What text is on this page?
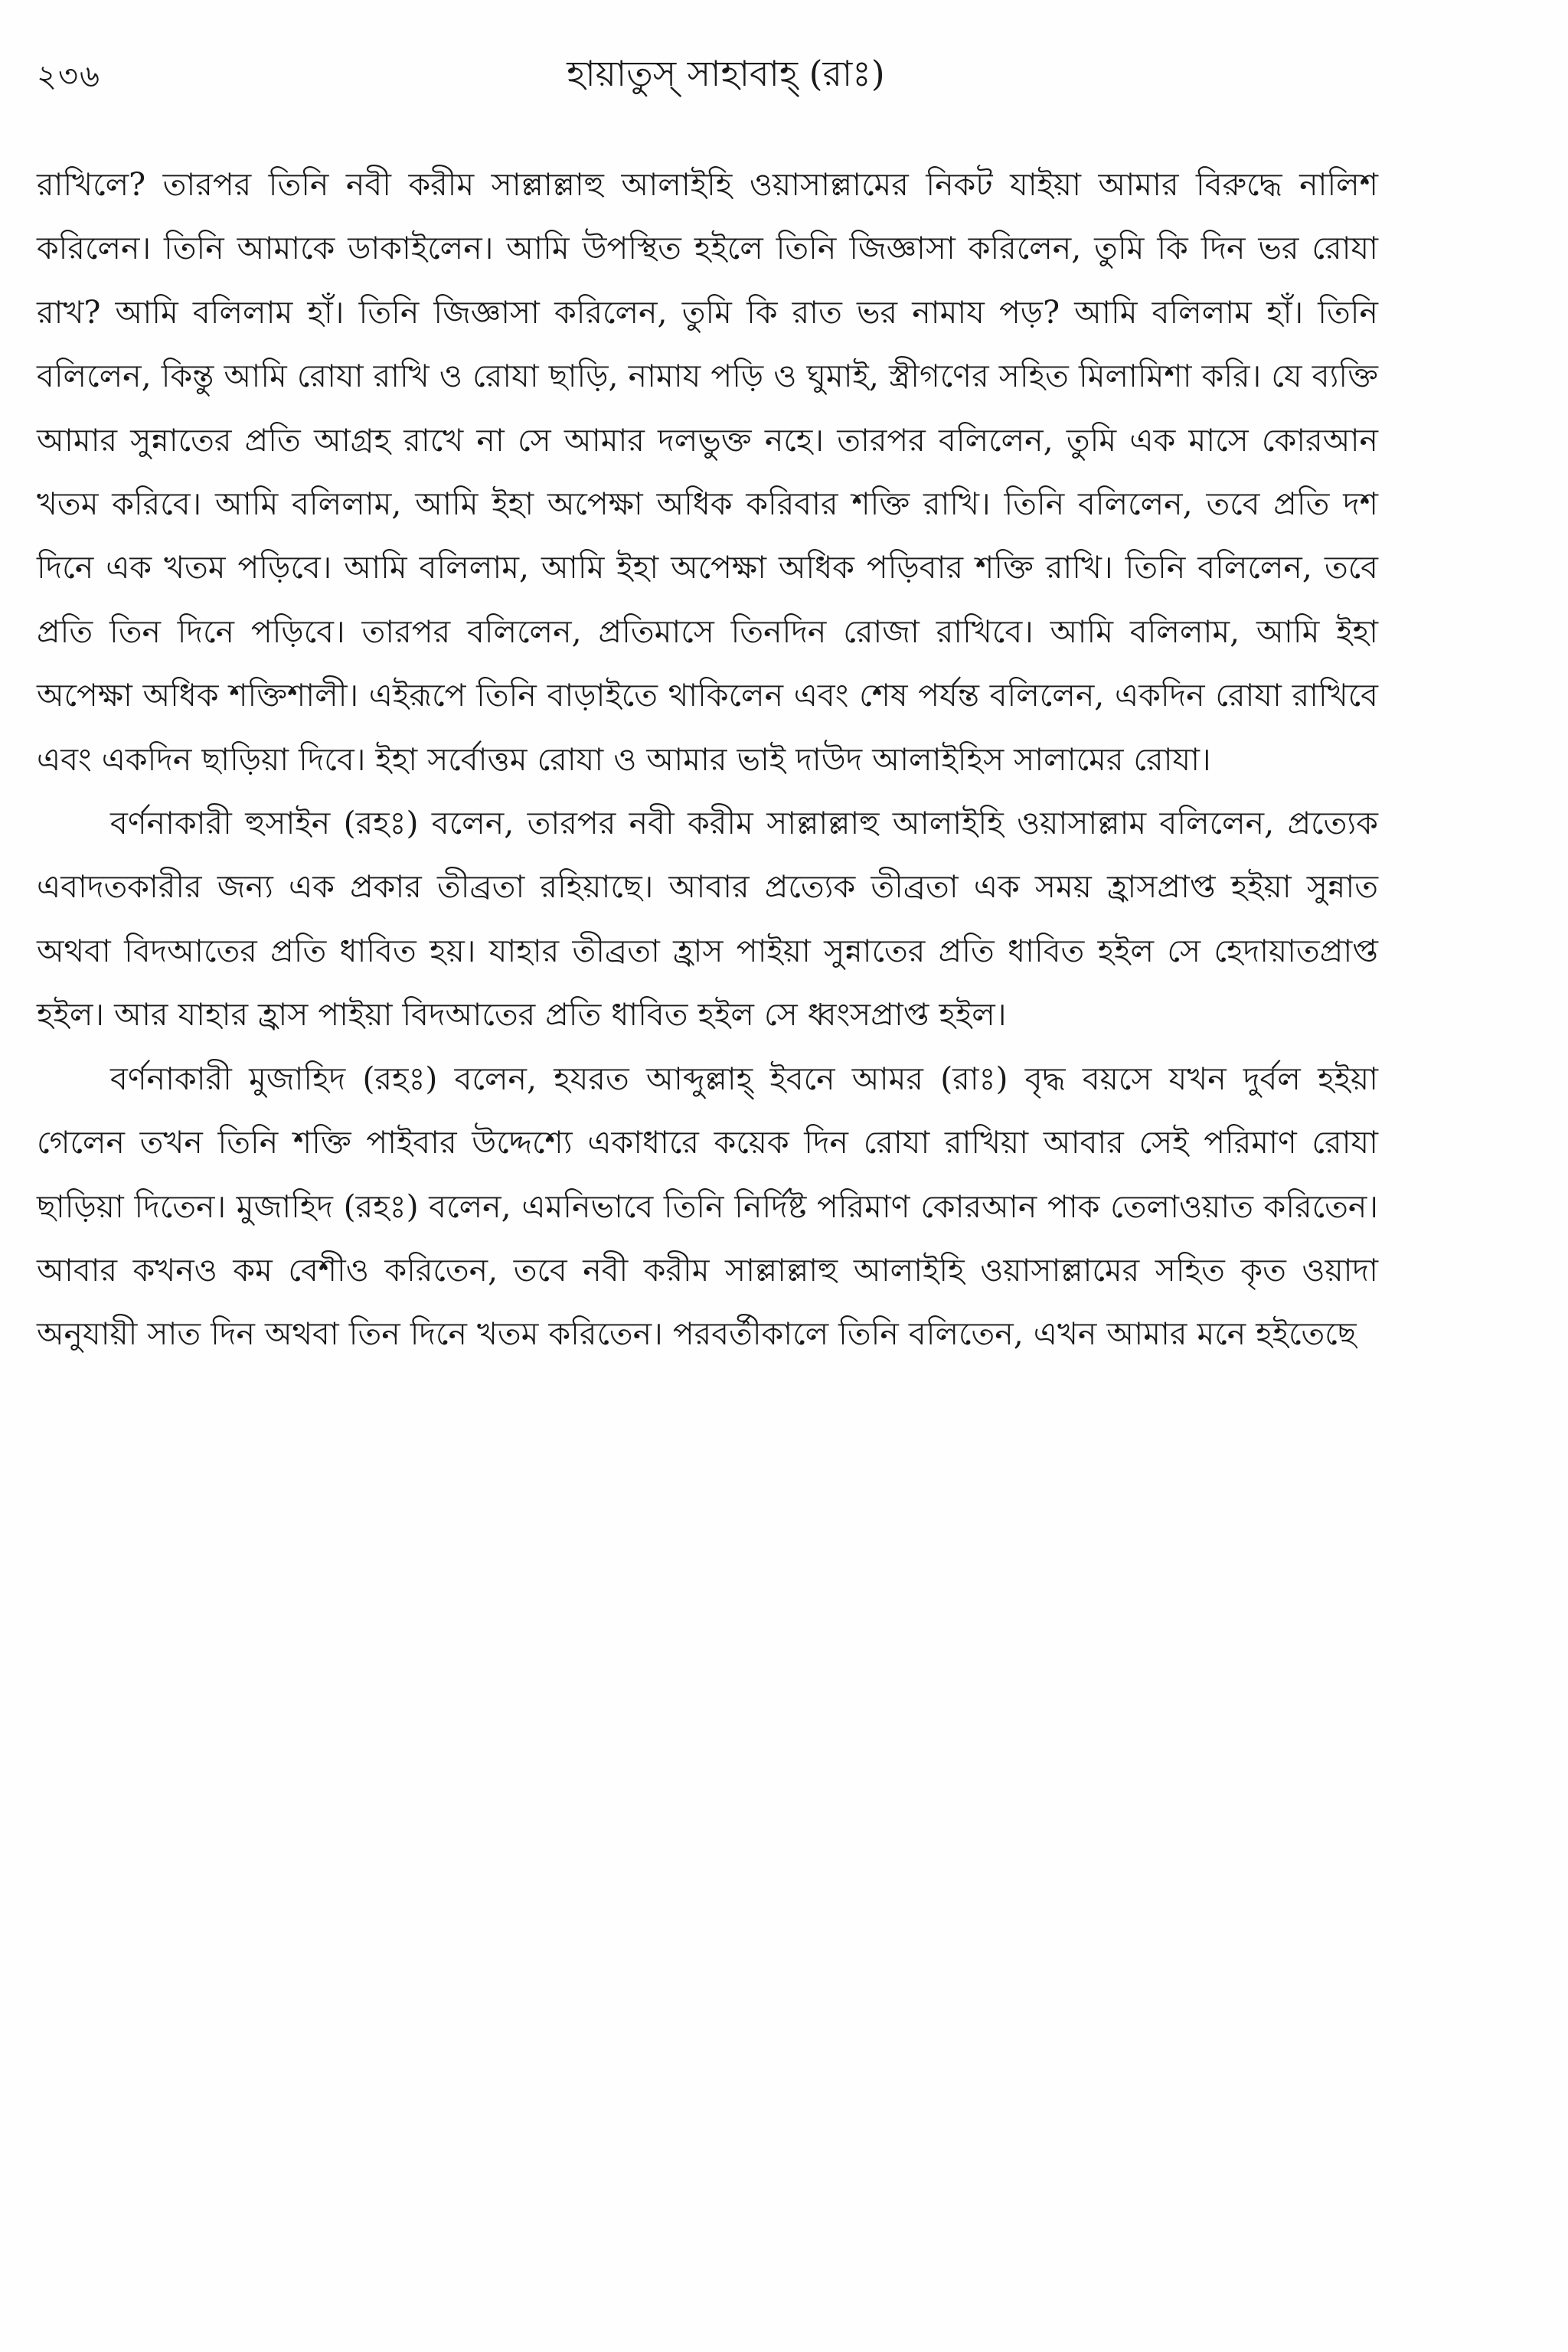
২৩৬	হায়াতুস্ সাহাবাহ্ (রাঃ)

রাখিলে? তারপর তিনি নবী করীম সাল্লাল্লাহু আলাইহি ওয়াসাল্লামের নিকট যাইয়া আমার বিরুদ্ধে নালিশ করিলেন। তিনি আমাকে ডাকাইলেন। আমি উপস্থিত হইলে তিনি জিজ্ঞাসা করিলেন, তুমি কি দিন ভর রোযা রাখ? আমি বলিলাম হাঁ। তিনি জিজ্ঞাসা করিলেন, তুমি কি রাত ভর নামায পড়? আমি বলিলাম হাঁ। তিনি বলিলেন, কিন্তু আমি রোযা রাখি ও রোযা ছাড়ি, নামায পড়ি ও ঘুমাই, স্ত্রীগণের সহিত মিলামিশা করি। যে ব্যক্তি আমার সুন্নাতের প্রতি আগ্রহ রাখে না সে আমার দলভুক্ত নহে। তারপর বলিলেন, তুমি এক মাসে কোরআন খতম করিবে। আমি বলিলাম, আমি ইহা অপেক্ষা অধিক করিবার শক্তি রাখি। তিনি বলিলেন, তবে প্রতি দশ দিনে এক খতম পড়িবে। আমি বলিলাম, আমি ইহা অপেক্ষা অধিক পড়িবার শক্তি রাখি। তিনি বলিলেন, তবে প্রতি তিন দিনে পড়িবে। তারপর বলিলেন, প্রতিমাসে তিনদিন রোজা রাখিবে। আমি বলিলাম, আমি ইহা অপেক্ষা অধিক শক্তিশালী। এইরূপে তিনি বাড়াইতে থাকিলেন এবং শেষ পর্যন্ত বলিলেন, একদিন রোযা রাখিবে এবং একদিন ছাড়িয়া দিবে। ইহা সর্বোত্তম রোযা ও আমার ভাই দাউদ আলাইহিস সালামের রোযা।

বর্ণনাকারী হুসাইন (রহঃ) বলেন, তারপর নবী করীম সাল্লাল্লাহু আলাইহি ওয়াসাল্লাম বলিলেন, প্রত্যেক এবাদতকারীর জন্য এক প্রকার তীব্রতা রহিয়াছে। আবার প্রত্যেক তীব্রতা এক সময় হ্রাসপ্রাপ্ত হইয়া সুন্নাত অথবা বিদআতের প্রতি ধাবিত হয়। যাহার তীব্রতা হ্রাস পাইয়া সুন্নাতের প্রতি ধাবিত হইল সে হেদায়াতপ্রাপ্ত হইল। আর যাহার হ্রাস পাইয়া বিদআতের প্রতি ধাবিত হইল সে ধ্বংসপ্রাপ্ত হইল।

বর্ণনাকারী মুজাহিদ (রহঃ) বলেন, হযরত আব্দুল্লাহ্ ইবনে আমর (রাঃ) বৃদ্ধ বয়সে যখন দুর্বল হইয়া গেলেন তখন তিনি শক্তি পাইবার উদ্দেশ্যে একাধারে কয়েক দিন রোযা রাখিয়া আবার সেই পরিমাণ রোযা ছাড়িয়া দিতেন। মুজাহিদ (রহঃ) বলেন, এমনিভাবে তিনি নির্দিষ্ট পরিমাণ কোরআন পাক তেলাওয়াত করিতেন। আবার কখনও কম বেশীও করিতেন, তবে নবী করীম সাল্লাল্লাহু আলাইহি ওয়াসাল্লামের সহিত কৃত ওয়াদা অনুযায়ী সাত দিন অথবা তিন দিনে খতম করিতেন। পরবর্তীকালে তিনি বলিতেন, এখন আমার মনে হইতেছে
